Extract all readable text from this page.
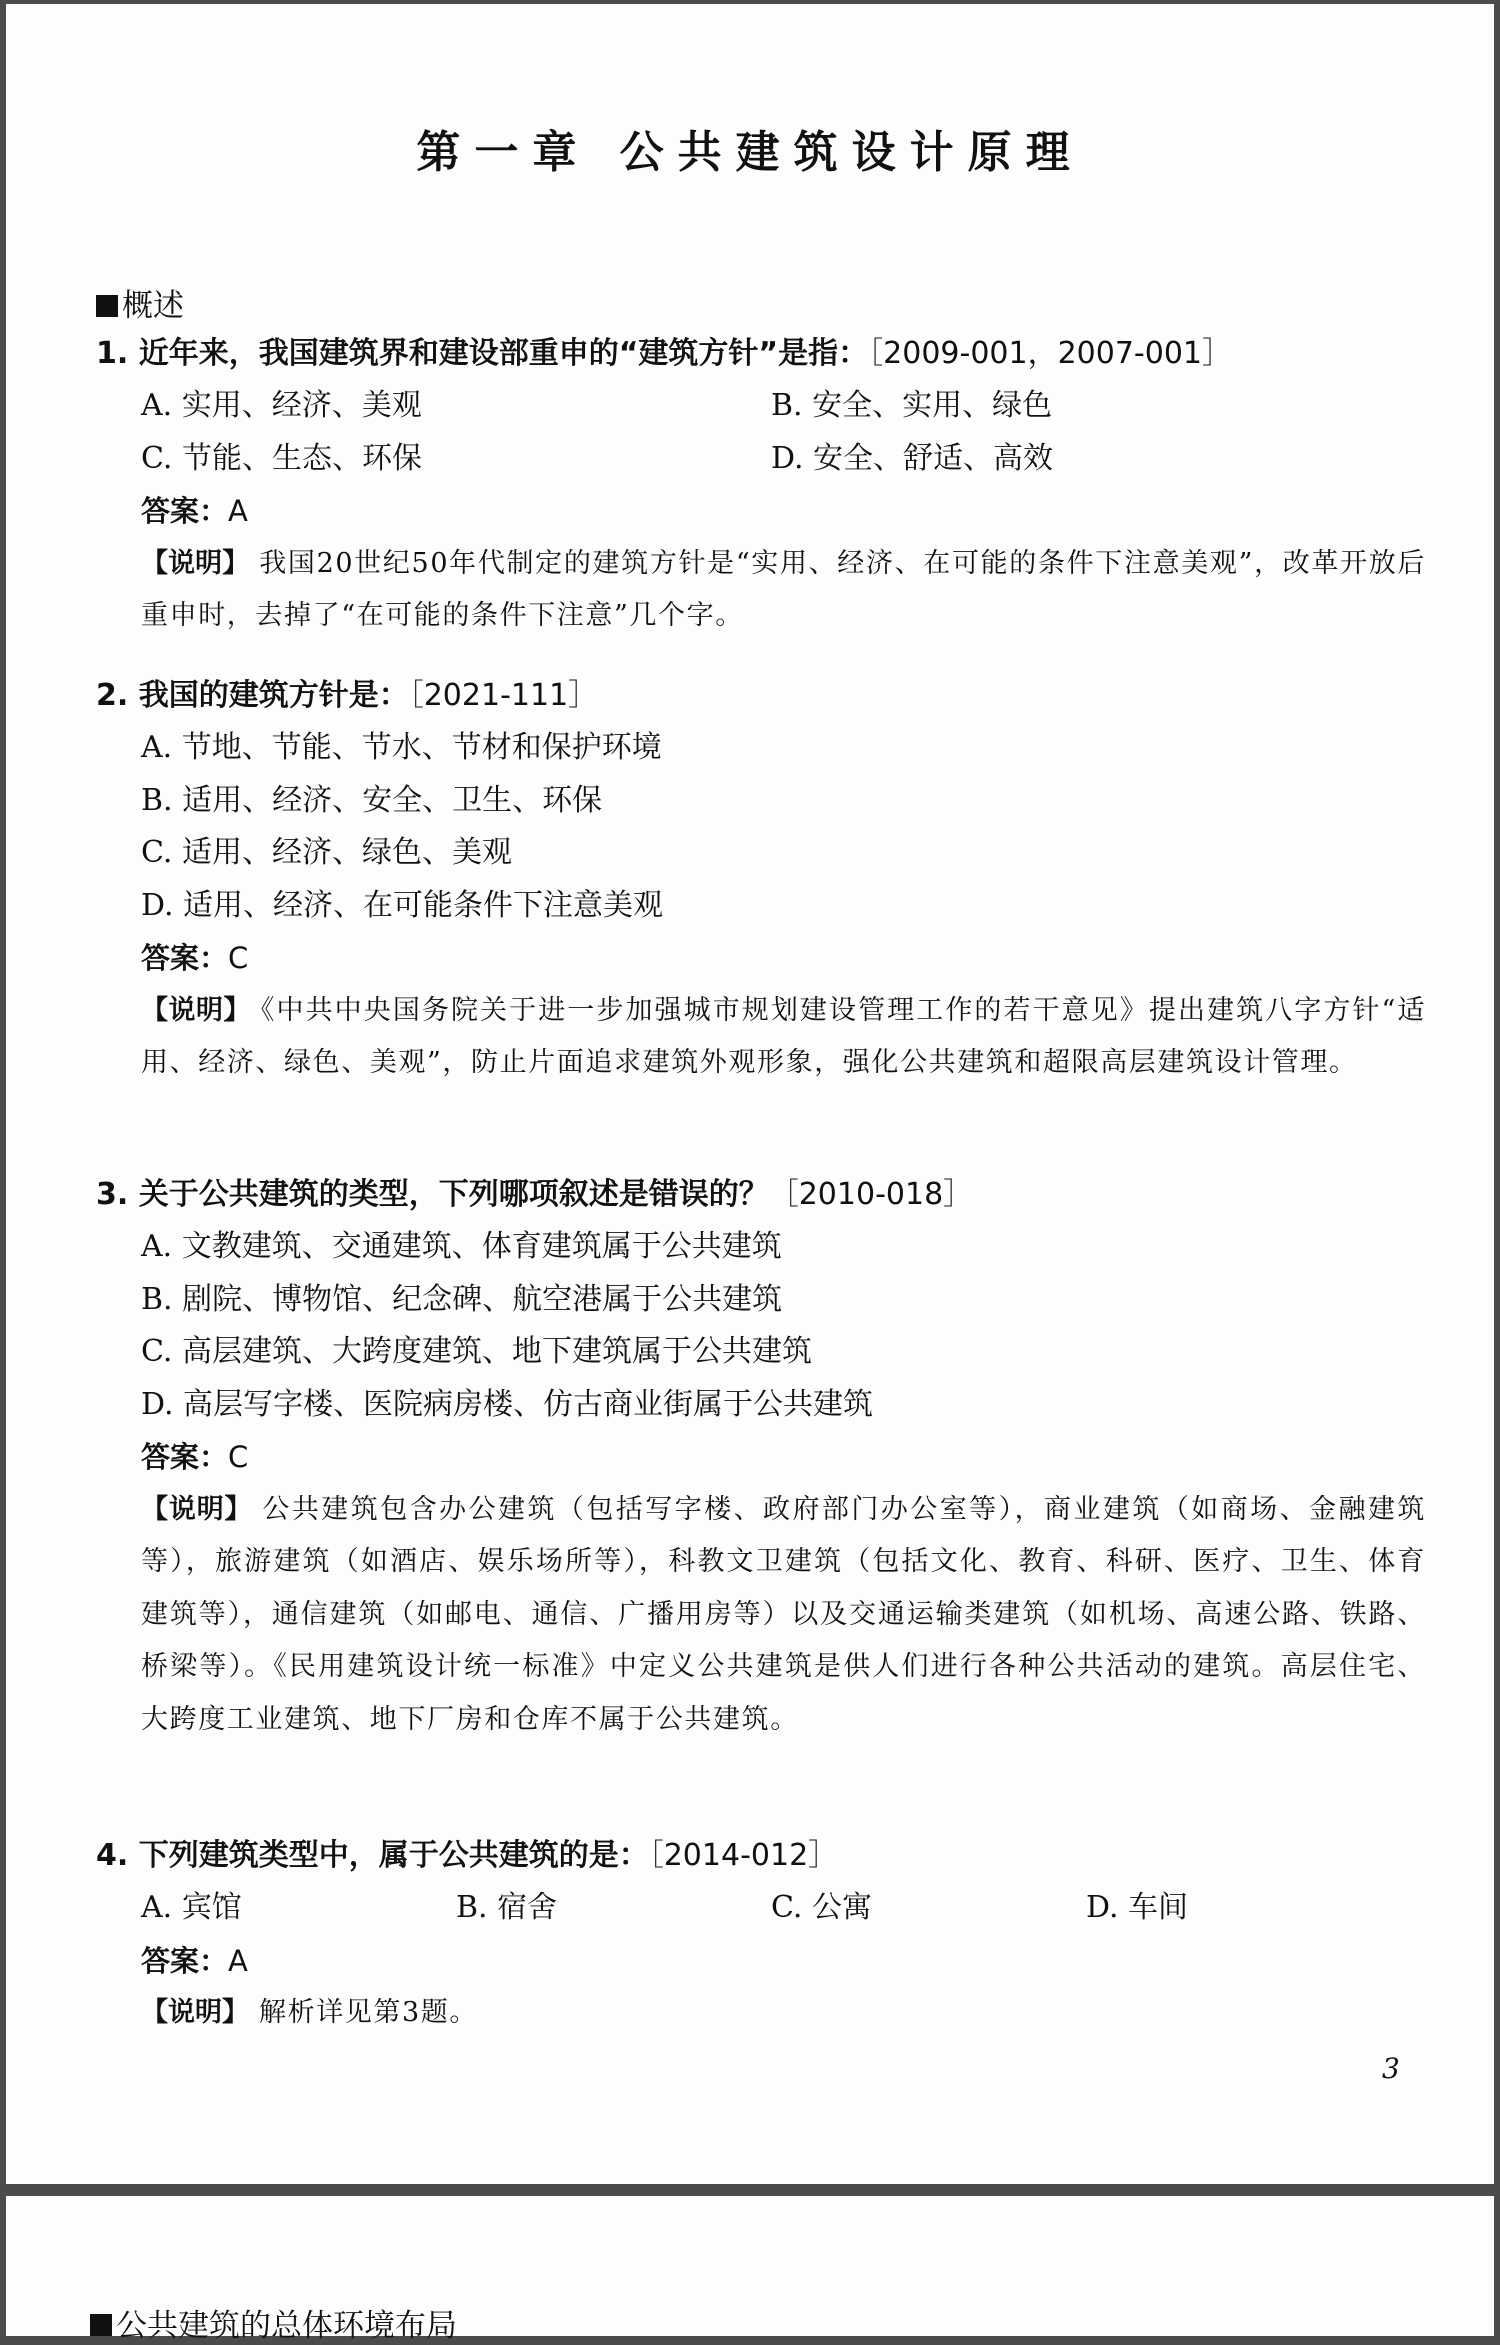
第一章 公共建筑设计原理
概述
1. 近年来，我国建筑界和建设部重申的“建筑方针”是指：［2009-001，2007-001］
A. 实用、经济、美观	B. 安全、实用、绿色
C. 节能、生态、环保	D. 安全、舒适、高效
答案：A
【说明】 我国20世纪50年代制定的建筑方针是“实用、经济、在可能的条件下注意美观”，改革开放后重申时，去掉了“在可能的条件下注意”几个字。
2. 我国的建筑方针是：［2021-111］
A. 节地、节能、节水、节材和保护环境
B. 适用、经济、安全、卫生、环保
C. 适用、经济、绿色、美观
D. 适用、经济、在可能条件下注意美观
答案：C
【说明】 《中共中央国务院关于进一步加强城市规划建设管理工作的若干意见》提出建筑八字方针“适用、经济、绿色、美观”，防止片面追求建筑外观形象，强化公共建筑和超限高层建筑设计管理。
3. 关于公共建筑的类型，下列哪项叙述是错误的？［2010-018］
A. 文教建筑、交通建筑、体育建筑属于公共建筑
B. 剧院、博物馆、纪念碑、航空港属于公共建筑
C. 高层建筑、大跨度建筑、地下建筑属于公共建筑
D. 高层写字楼、医院病房楼、仿古商业街属于公共建筑
答案：C
【说明】 公共建筑包含办公建筑（包括写字楼、政府部门办公室等），商业建筑（如商场、金融建筑等），旅游建筑（如酒店、娱乐场所等），科教文卫建筑（包括文化、教育、科研、医疗、卫生、体育建筑等），通信建筑（如邮电、通信、广播用房等）以及交通运输类建筑（如机场、高速公路、铁路、桥梁等）。《民用建筑设计统一标准》中定义公共建筑是供人们进行各种公共活动的建筑。高层住宅、大跨度工业建筑、地下厂房和仓库不属于公共建筑。
4. 下列建筑类型中，属于公共建筑的是：［2014-012］
A. 宾馆	B. 宿舍	C. 公寓	D. 车间
答案：A
【说明】 解析详见第3题。
3
公共建筑的总体环境布局
